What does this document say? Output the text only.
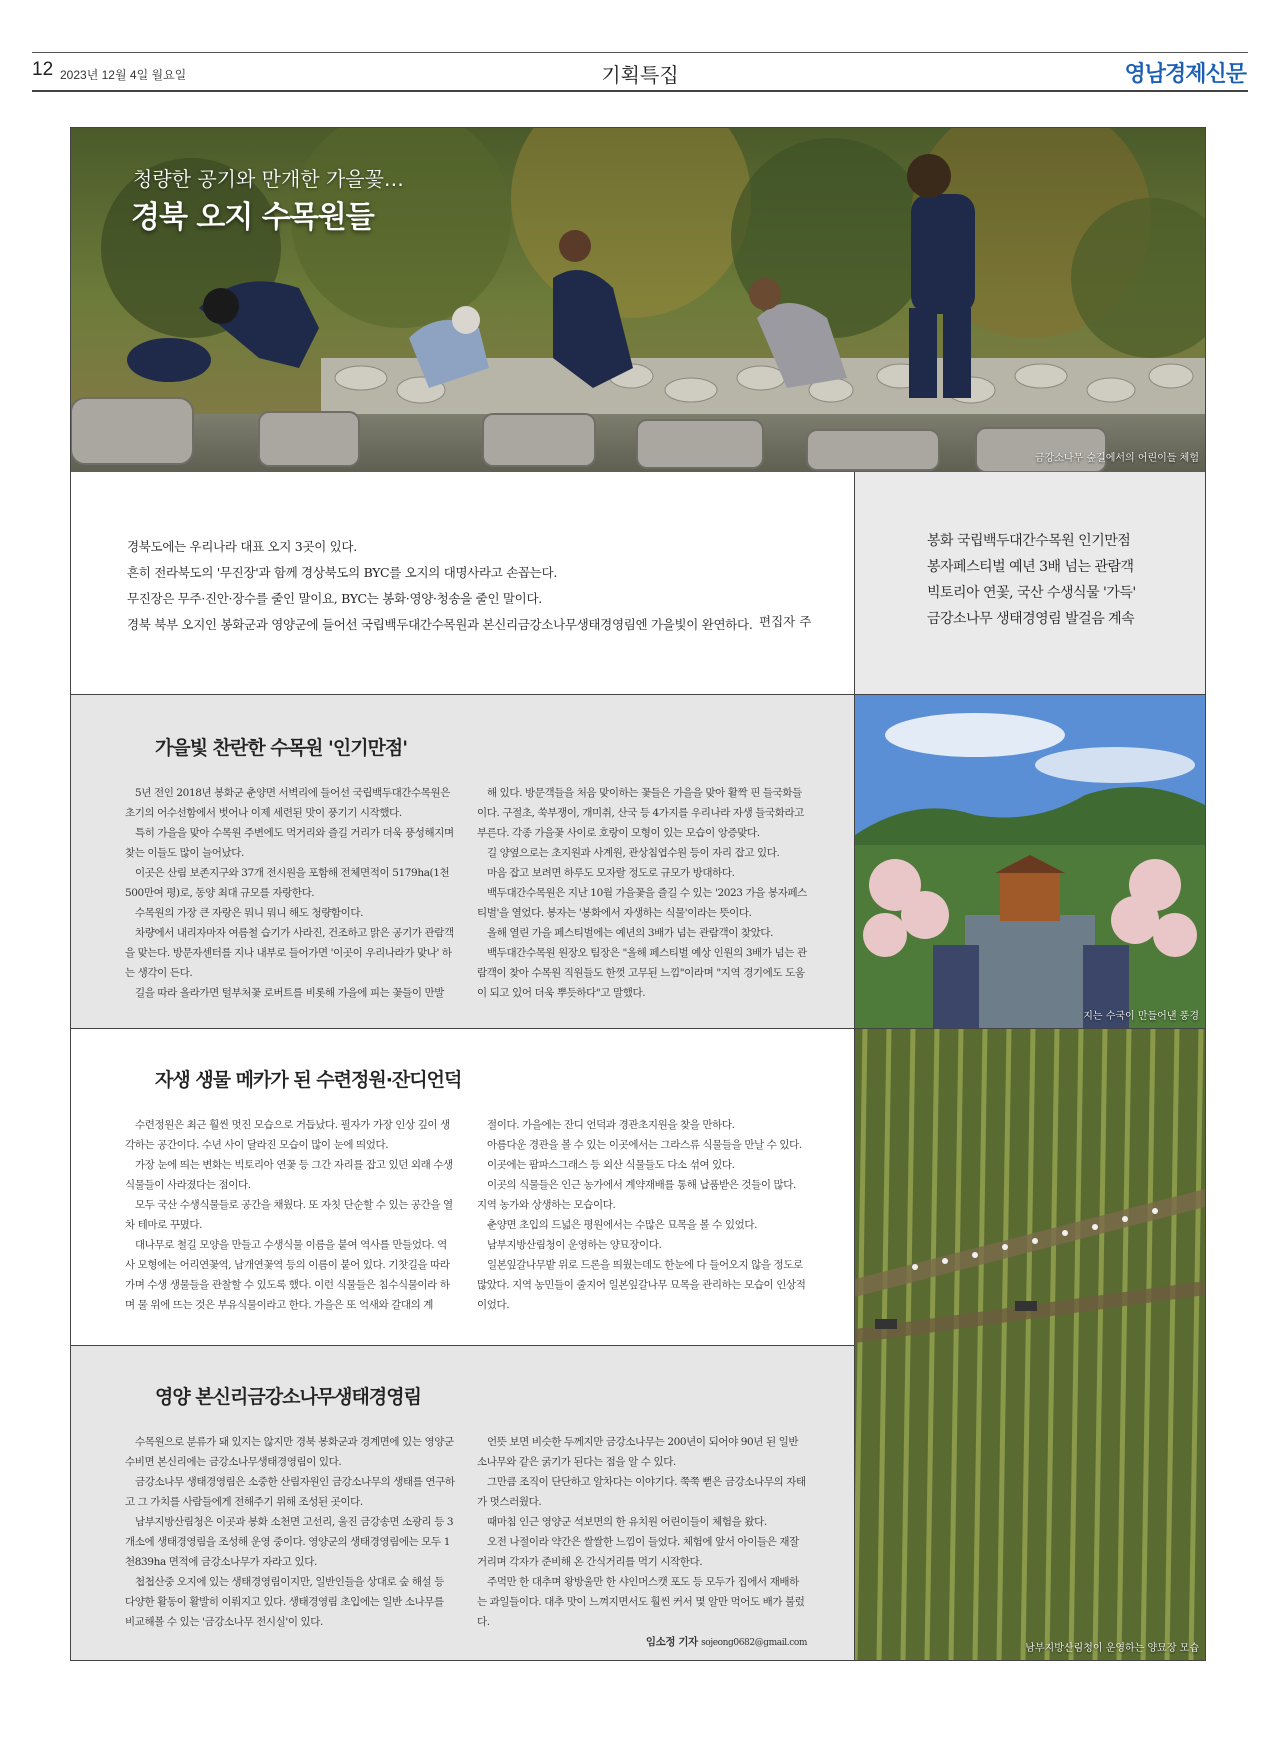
12 2023년 12월 4일 월요일	기획특집	영남경제신문
청량한 공기와 만개한 가을꽃…
경북 오지 수목원들
금강소나무 숲길에서의 어린이들 체험
경북도에는 우리나라 대표 오지 3곳이 있다.
흔히 전라북도의 '무진장'과 함께 경상북도의 BYC를 오지의 대명사라고 손꼽는다.
무진장은 무주·진안·장수를 줄인 말이요, BYC는 봉화·영양·청송을 줄인 말이다.
경북 북부 오지인 봉화군과 영양군에 들어선 국립백두대간수목원과 본신리금강소나무생태경영림엔 가을빛이 완연하다. 편집자 주
봉화 국립백두대간수목원 인기만점
봉자페스티벌 예년 3배 넘는 관람객
빅토리아 연꽃, 국산 수생식물 '가득'
금강소나무 생태경영림 발걸음 계속
가을빛 찬란한 수목원 '인기만점'

5년 전인 2018년 봉화군 춘양면 서벽리에 들어선 국립백두대간수목원은 초기의 어수선함에서 벗어나 이제 세련된 맛이 풍기기 시작했다.

특히 가을을 맞아 수목원 주변에도 먹거리와 즐길 거리가 더욱 풍성해지며 찾는 이들도 많이 늘어났다.

이곳은 산림 보존지구와 37개 전시원을 포함해 전체면적이 5179ha(1천500만여 평)로, 동양 최대 규모를 자랑한다.

수목원의 가장 큰 자랑은 뭐니 뭐니 해도 청량함이다.

차량에서 내리자마자 여름철 습기가 사라진, 건조하고 맑은 공기가 관람객을 맞는다. 방문자센터를 지나 내부로 들어가면 '이곳이 우리나라가 맞나' 하는 생각이 든다.

길을 따라 올라가면 털부처꽃 로버트를 비롯해 가을에 피는 꽃들이 만발

해 있다. 방문객들을 처음 맞이하는 꽃들은 가을을 맞아 활짝 핀 들국화들이다. 구절초, 쑥부쟁이, 개미취, 산국 등 4가지를 우리나라 자생 들국화라고 부른다. 각종 가을꽃 사이로 호랑이 모형이 있는 모습이 앙증맞다.

길 양옆으로는 초지원과 사계원, 관상침엽수원 등이 자리 잡고 있다.

마음 잡고 보려면 하루도 모자랄 정도로 규모가 방대하다.

백두대간수목원은 지난 10월 가을꽃을 즐길 수 있는 '2023 가을 봉자페스티벌'을 열었다. 봉자는 '봉화에서 자생하는 식물'이라는 뜻이다.

올해 열린 가을 페스티벌에는 예년의 3배가 넘는 관람객이 찾았다.

백두대간수목원 원장오 팀장은 "올해 페스티벌 예상 인원의 3배가 넘는 관람객이 찾아 수목원 직원들도 한껏 고무된 느낌"이라며 "지역 경기에도 도움이 되고 있어 더욱 뿌듯하다"고 말했다.

지는 수국이 만들어낸 풍경
자생 생물 메카가 된 수련정원·잔디언덕

수련정원은 최근 훨씬 멋진 모습으로 거듭났다. 필자가 가장 인상 깊이 생각하는 공간이다. 수년 사이 달라진 모습이 많이 눈에 띄었다.

가장 눈에 띄는 변화는 빅토리아 연꽃 등 그간 자리를 잡고 있던 외래 수생식물들이 사라졌다는 점이다.

모두 국산 수생식물들로 공간을 채웠다. 또 자칫 단순할 수 있는 공간을 열차 테마로 꾸몄다.

대나무로 철길 모양을 만들고 수생식물 이름을 붙여 역사를 만들었다. 역사 모형에는 어리연꽃역, 남개연꽃역 등의 이름이 붙어 있다. 기찻길을 따라가며 수생 생물들을 관찰할 수 있도록 했다. 이런 식물들은 침수식물이라 하며 물 위에 뜨는 것은 부유식물이라고 한다. 가을은 또 억새와 갈대의 계

절이다. 가을에는 잔디 언덕과 경관초지원을 찾을 만하다.

아름다운 경관을 볼 수 있는 이곳에서는 그라스류 식물들을 만날 수 있다.

이곳에는 팜파스그래스 등 외산 식물들도 다소 섞여 있다.

이곳의 식물들은 인근 농가에서 계약재배를 통해 납품받은 것들이 많다. 지역 농가와 상생하는 모습이다.

춘양면 초입의 드넓은 평원에서는 수많은 묘목을 볼 수 있었다.

남부지방산림청이 운영하는 양묘장이다.

일본잎갈나무밭 위로 드론을 띄웠는데도 한눈에 다 들어오지 않을 정도로 많았다. 지역 농민들이 줄지어 일본잎갈나무 묘목을 관리하는 모습이 인상적이었다.

영양 본신리금강소나무생태경영림

수목원으로 분류가 돼 있지는 않지만 경북 봉화군과 경계면에 있는 영양군 수비면 본신리에는 금강소나무생태경영림이 있다.

금강소나무 생태경영림은 소중한 산림자원인 금강소나무의 생태를 연구하고 그 가치를 사람들에게 전해주기 위해 조성된 곳이다.

남부지방산림청은 이곳과 봉화 소천면 고선리, 울진 금강송면 소광리 등 3개소에 생태경영림을 조성해 운영 중이다. 영양군의 생태경영림에는 모두 1천839ha 면적에 금강소나무가 자라고 있다.

첩첩산중 오지에 있는 생태경영림이지만, 일반인들을 상대로 숲 해설 등 다양한 활동이 활발히 이뤄지고 있다. 생태경영림 초입에는 일반 소나무를 비교해볼 수 있는 '금강소나무 전시실'이 있다.

언뜻 보면 비슷한 두께지만 금강소나무는 200년이 되어야 90년 된 일반 소나무와 같은 굵기가 된다는 점을 알 수 있다.

그만큼 조직이 단단하고 알차다는 이야기다. 쭉쭉 뻗은 금강소나무의 자태가 멋스러웠다.

때마침 인근 영양군 석보면의 한 유치원 어린이들이 체험을 왔다.

오전 나절이라 약간은 쌀쌀한 느낌이 들었다. 체험에 앞서 아이들은 재잘거리며 각자가 준비해 온 간식거리를 먹기 시작한다.

주먹만 한 대추며 왕방울만 한 샤인머스캣 포도 등 모두가 집에서 재배하는 과일들이다. 대추 맛이 느껴지면서도 훨씬 커서 몇 알만 먹어도 배가 불렀다.

임소정 기자 sojeong0682@gmail.com	남부지방산림청이 운영하는 양묘장 모습
